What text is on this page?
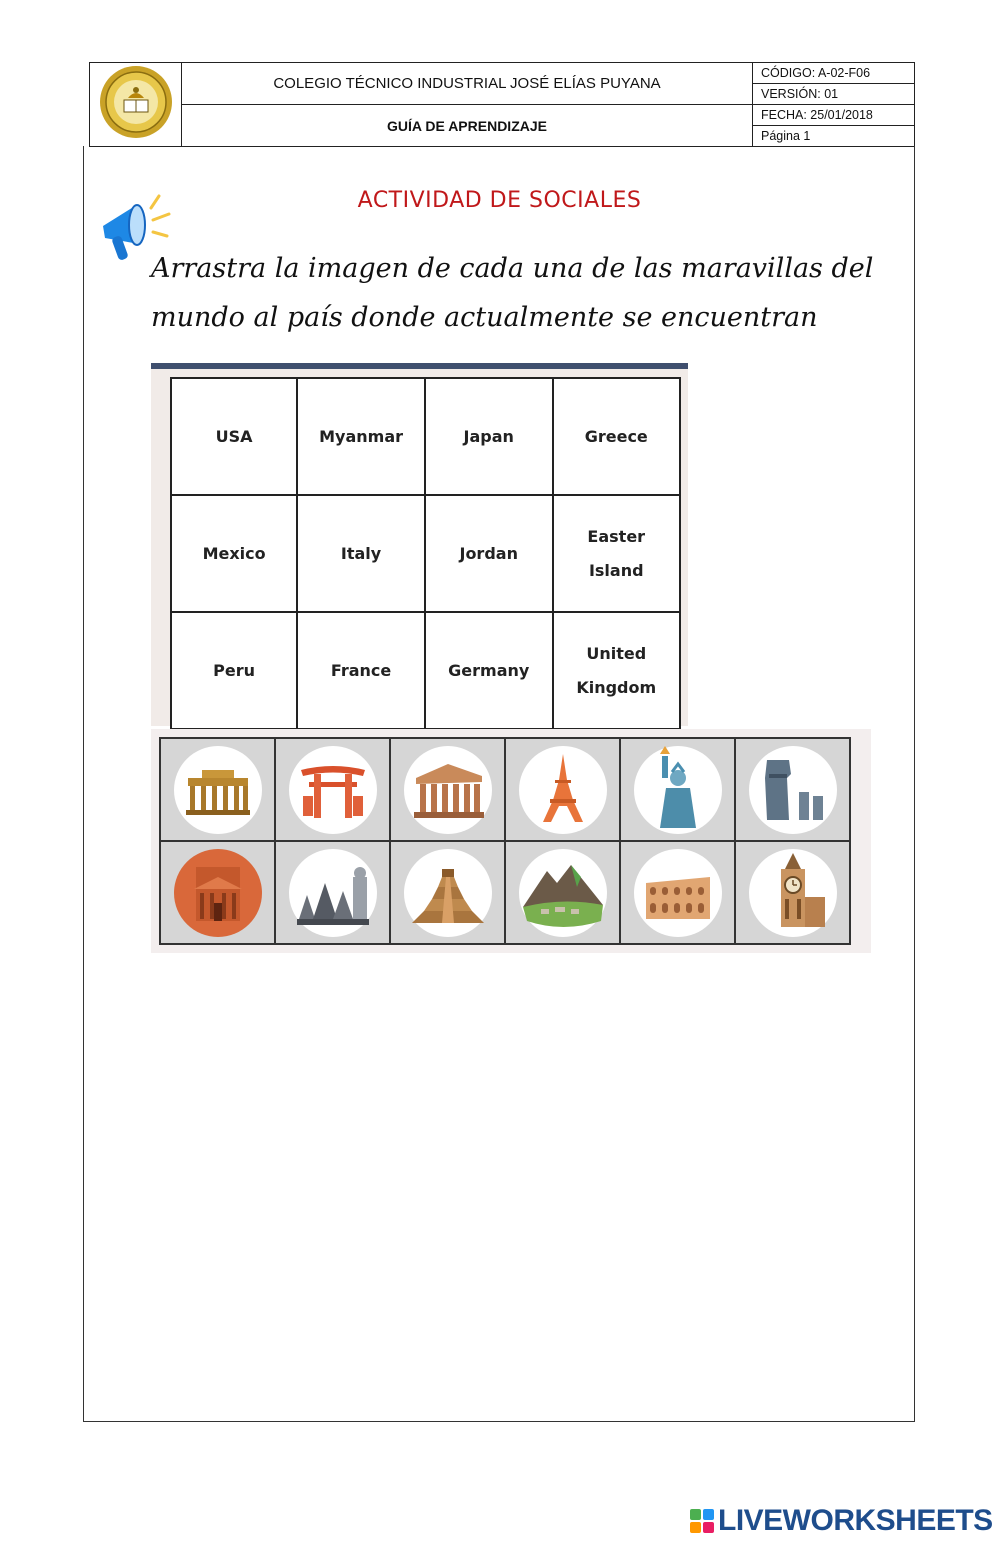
	COLEGIO TÉCNICO INDUSTRIAL JOSÉ ELÍAS PUYANA	CÓDIGO: A-02-F06
		VERSIÓN: 01
	GUÍA DE APRENDIZAJE	FECHA: 25/01/2018
		Página 1
ACTIVIDAD DE SOCIALES
Arrastra la imagen de cada una de las maravillas del
mundo al país donde actualmente se encuentran
USA	Myanmar	Japan	Greece
Mexico	Italy	Jordan	Easter Island
Peru	France	Germany	United Kingdom

LIVEWORKSHEETS
